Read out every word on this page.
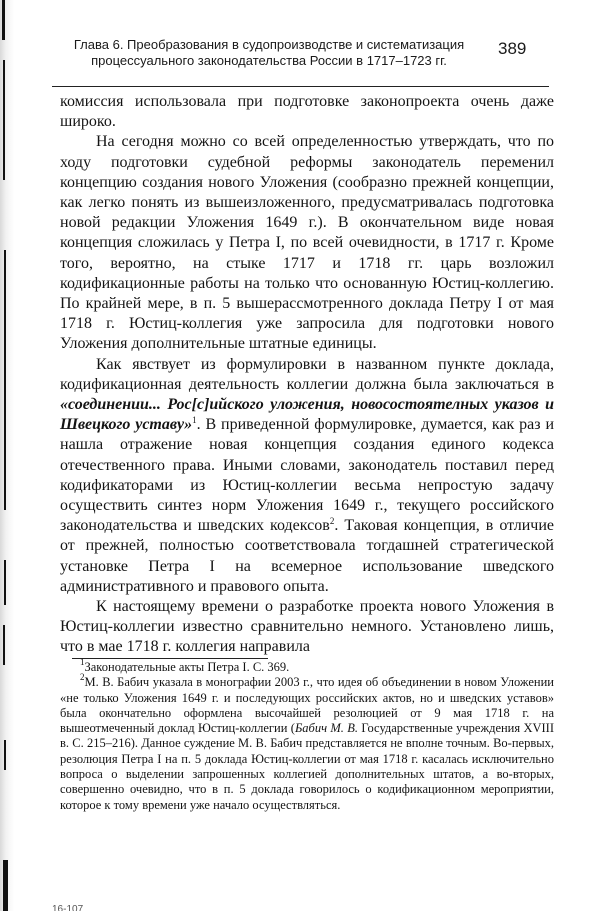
Глава 6. Преобразования в судопроизводстве и систематизация
процессуального законодательства России в 1717–1723 гг.
389

комиссия использовала при подготовке законопроекта очень даже широко.

На сегодня можно со всей определенностью утверждать, что по ходу подготовки судебной реформы законодатель переменил концепцию создания нового Уложения (сообразно прежней концепции, как легко понять из вышеизложенного, предусматривалась подготовка новой редакции Уложения 1649 г.). В окончательном виде новая концепция сложилась у Петра I, по всей очевидности, в 1717 г. Кроме того, вероятно, на стыке 1717 и 1718 гг. царь возложил кодификационные работы на только что основанную Юстиц-коллегию. По крайней мере, в п. 5 вышерассмотренного доклада Петру I от мая 1718 г. Юстиц-коллегия уже запросила для подготовки нового Уложения дополнительные штатные единицы.

Как явствует из формулировки в названном пункте доклада, кодификационная деятельность коллегии должна была заключаться в «соединении... Рос[с]ийского уложения, новосостоятелных указов и Швецкого уставу»$^1$. В приведенной формулировке, думается, как раз и нашла отражение новая концепция создания единого кодекса отечественного права. Иными словами, законодатель поставил перед кодификаторами из Юстиц-коллегии весьма непростую задачу осуществить синтез норм Уложения 1649 г., текущего российского законодательства и шведских кодексов$^2$. Таковая концепция, в отличие от прежней, полностью соответствовала тогдашней стратегической установке Петра I на всемерное использование шведского административного и правового опыта.

К настоящему времени о разработке проекта нового Уложения в Юстиц-коллегии известно сравнительно немного. Установлено лишь, что в мае 1718 г. коллегия направила

$^1$Законодательные акты Петра I. С. 369.

$^2$М. В. Бабич указала в монографии 2003 г., что идея об объединении в новом Уложении «не только Уложения 1649 г. и последующих российских актов, но и шведских уставов» была окончательно оформлена высочайшей резолюцией от 9 мая 1718 г. на вышеотмеченный доклад Юстиц-коллегии (Бабич М. В. Государственные учреждения XVIII в. С. 215–216). Данное суждение М. В. Бабич представляется не вполне точным. Во-первых, резолюция Петра I на п. 5 доклада Юстиц-коллегии от мая 1718 г. касалась исключительно вопроса о выделении запрошенных коллегией дополнительных штатов, а во-вторых, совершенно очевидно, что в п. 5 доклада говорилось о кодификационном мероприятии, которое к тому времени уже начало осуществляться.

16-107
